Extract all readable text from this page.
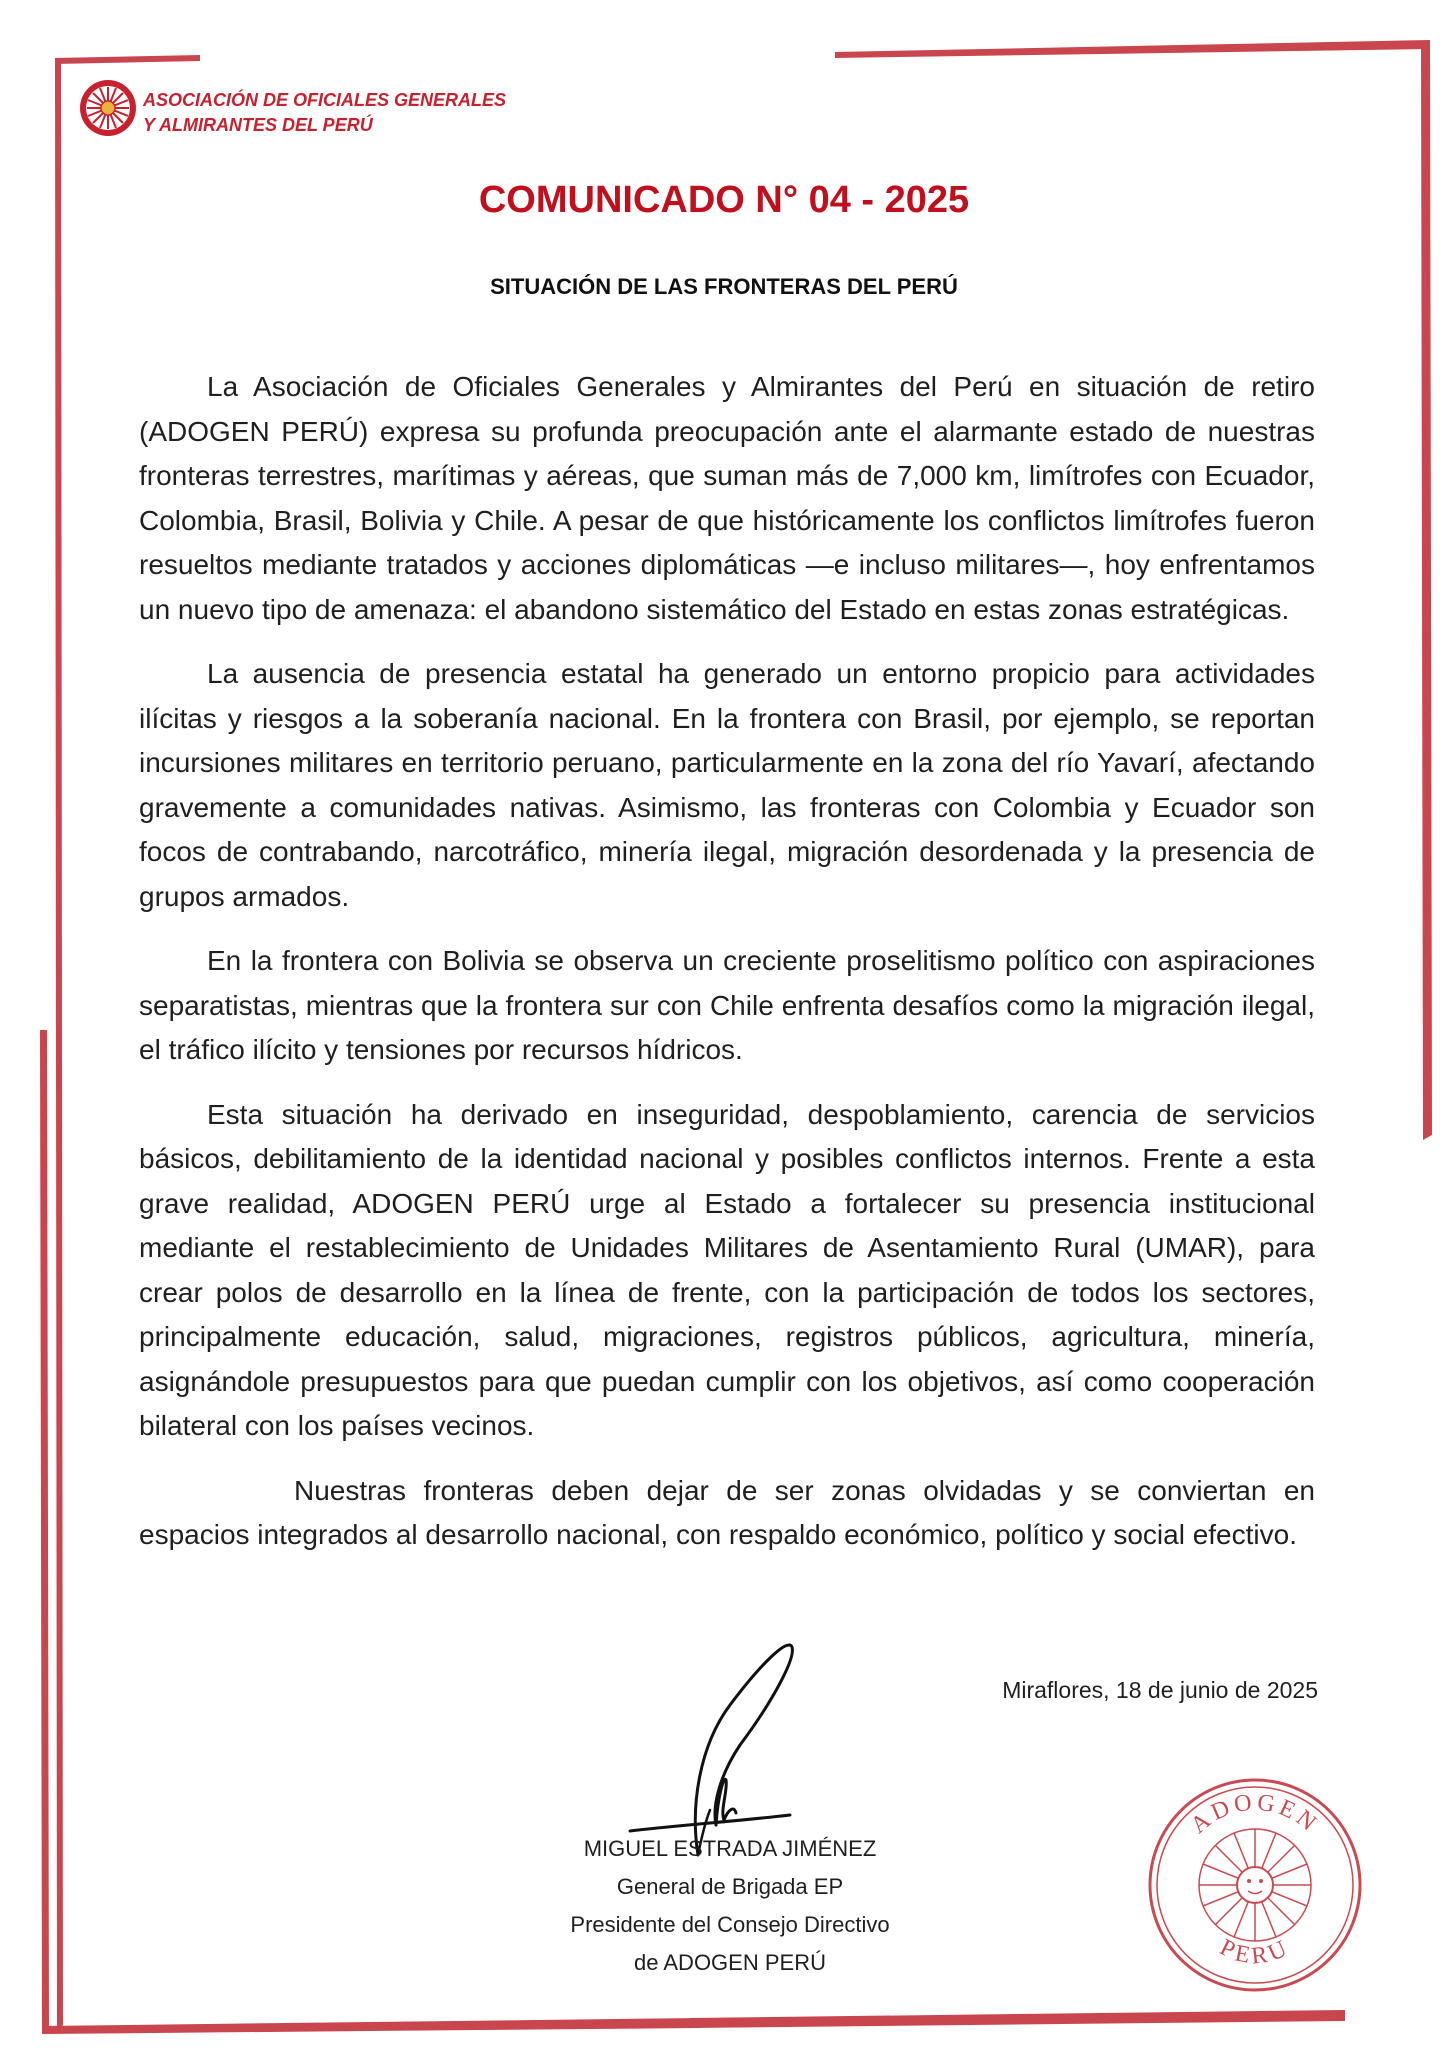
ASOCIACIÓN DE OFICIALES GENERALES
Y ALMIRANTES DEL PERÚ
COMUNICADO N° 04 - 2025
SITUACIÓN DE LAS FRONTERAS DEL PERÚ

La Asociación de Oficiales Generales y Almirantes del Perú en situación de retiro (ADOGEN PERÚ) expresa su profunda preocupación ante el alarmante estado de nuestras fronteras terrestres, marítimas y aéreas, que suman más de 7,000 km, limítrofes con Ecuador, Colombia, Brasil, Bolivia y Chile. A pesar de que históricamente los conflictos limítrofes fueron resueltos mediante tratados y acciones diplomáticas —e incluso militares—, hoy enfrentamos un nuevo tipo de amenaza: el abandono sistemático del Estado en estas zonas estratégicas.

La ausencia de presencia estatal ha generado un entorno propicio para actividades ilícitas y riesgos a la soberanía nacional. En la frontera con Brasil, por ejemplo, se reportan incursiones militares en territorio peruano, particularmente en la zona del río Yavarí, afectando gravemente a comunidades nativas. Asimismo, las fronteras con Colombia y Ecuador son focos de contrabando, narcotráfico, minería ilegal, migración desordenada y la presencia de grupos armados.

En la frontera con Bolivia se observa un creciente proselitismo político con aspiraciones separatistas, mientras que la frontera sur con Chile enfrenta desafíos como la migración ilegal, el tráfico ilícito y tensiones por recursos hídricos.

Esta situación ha derivado en inseguridad, despoblamiento, carencia de servicios básicos, debilitamiento de la identidad nacional y posibles conflictos internos. Frente a esta grave realidad, ADOGEN PERÚ urge al Estado a fortalecer su presencia institucional mediante el restablecimiento de Unidades Militares de Asentamiento Rural (UMAR), para crear polos de desarrollo en la línea de frente, con la participación de todos los sectores, principalmente educación, salud, migraciones, registros públicos, agricultura, minería, asignándole presupuestos para que puedan cumplir con los objetivos, así como cooperación bilateral con los países vecinos.

Nuestras fronteras deben dejar de ser zonas olvidadas y se conviertan en espacios integrados al desarrollo nacional, con respaldo económico, político y social efectivo.

Miraflores, 18 de junio de 2025
MIGUEL ESTRADA JIMÉNEZ
General de Brigada EP
Presidente del Consejo Directivo
de ADOGEN PERÚ
ADOGEN
PERU
